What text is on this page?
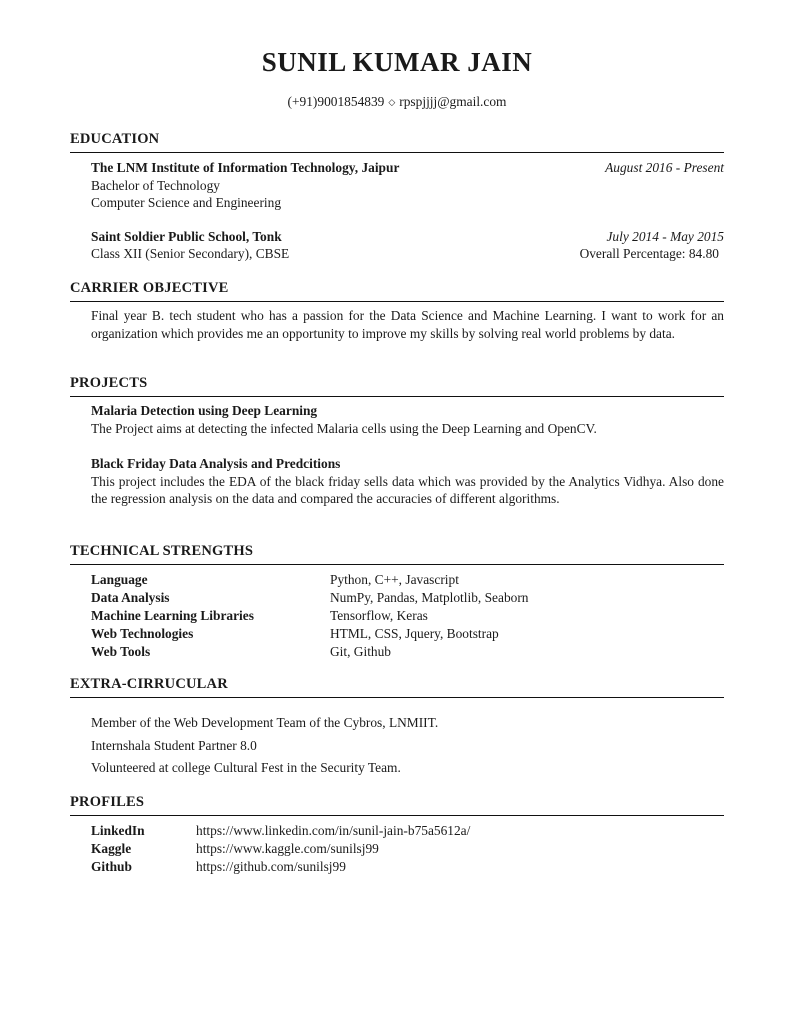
SUNIL KUMAR JAIN
(+91)9001854839 ◇ rpspjjjj@gmail.com
EDUCATION
The LNM Institute of Information Technology, Jaipur	August 2016 - Present
Bachelor of Technology
Computer Science and Engineering
Saint Soldier Public School, Tonk	July 2014 - May 2015
Class XII (Senior Secondary), CBSE	Overall Percentage: 84.80
CARRIER OBJECTIVE
Final year B. tech student who has a passion for the Data Science and Machine Learning. I want to work for an organization which provides me an opportunity to improve my skills by solving real world problems by data.
PROJECTS
Malaria Detection using Deep Learning
The Project aims at detecting the infected Malaria cells using the Deep Learning and OpenCV.
Black Friday Data Analysis and Predcitions
This project includes the EDA of the black friday sells data which was provided by the Analytics Vidhya. Also done the regression analysis on the data and compared the accuracies of different algorithms.
TECHNICAL STRENGTHS
Language	Python, C++, Javascript
Data Analysis	NumPy, Pandas, Matplotlib, Seaborn
Machine Learning Libraries	Tensorflow, Keras
Web Technologies	HTML, CSS, Jquery, Bootstrap
Web Tools	Git, Github
EXTRA-CIRRUCULAR
Member of the Web Development Team of the Cybros, LNMIIT.
Internshala Student Partner 8.0
Volunteered at college Cultural Fest in the Security Team.
PROFILES
LinkedIn	https://www.linkedin.com/in/sunil-jain-b75a5612a/
Kaggle	https://www.kaggle.com/sunilsj99
Github	https://github.com/sunilsj99
